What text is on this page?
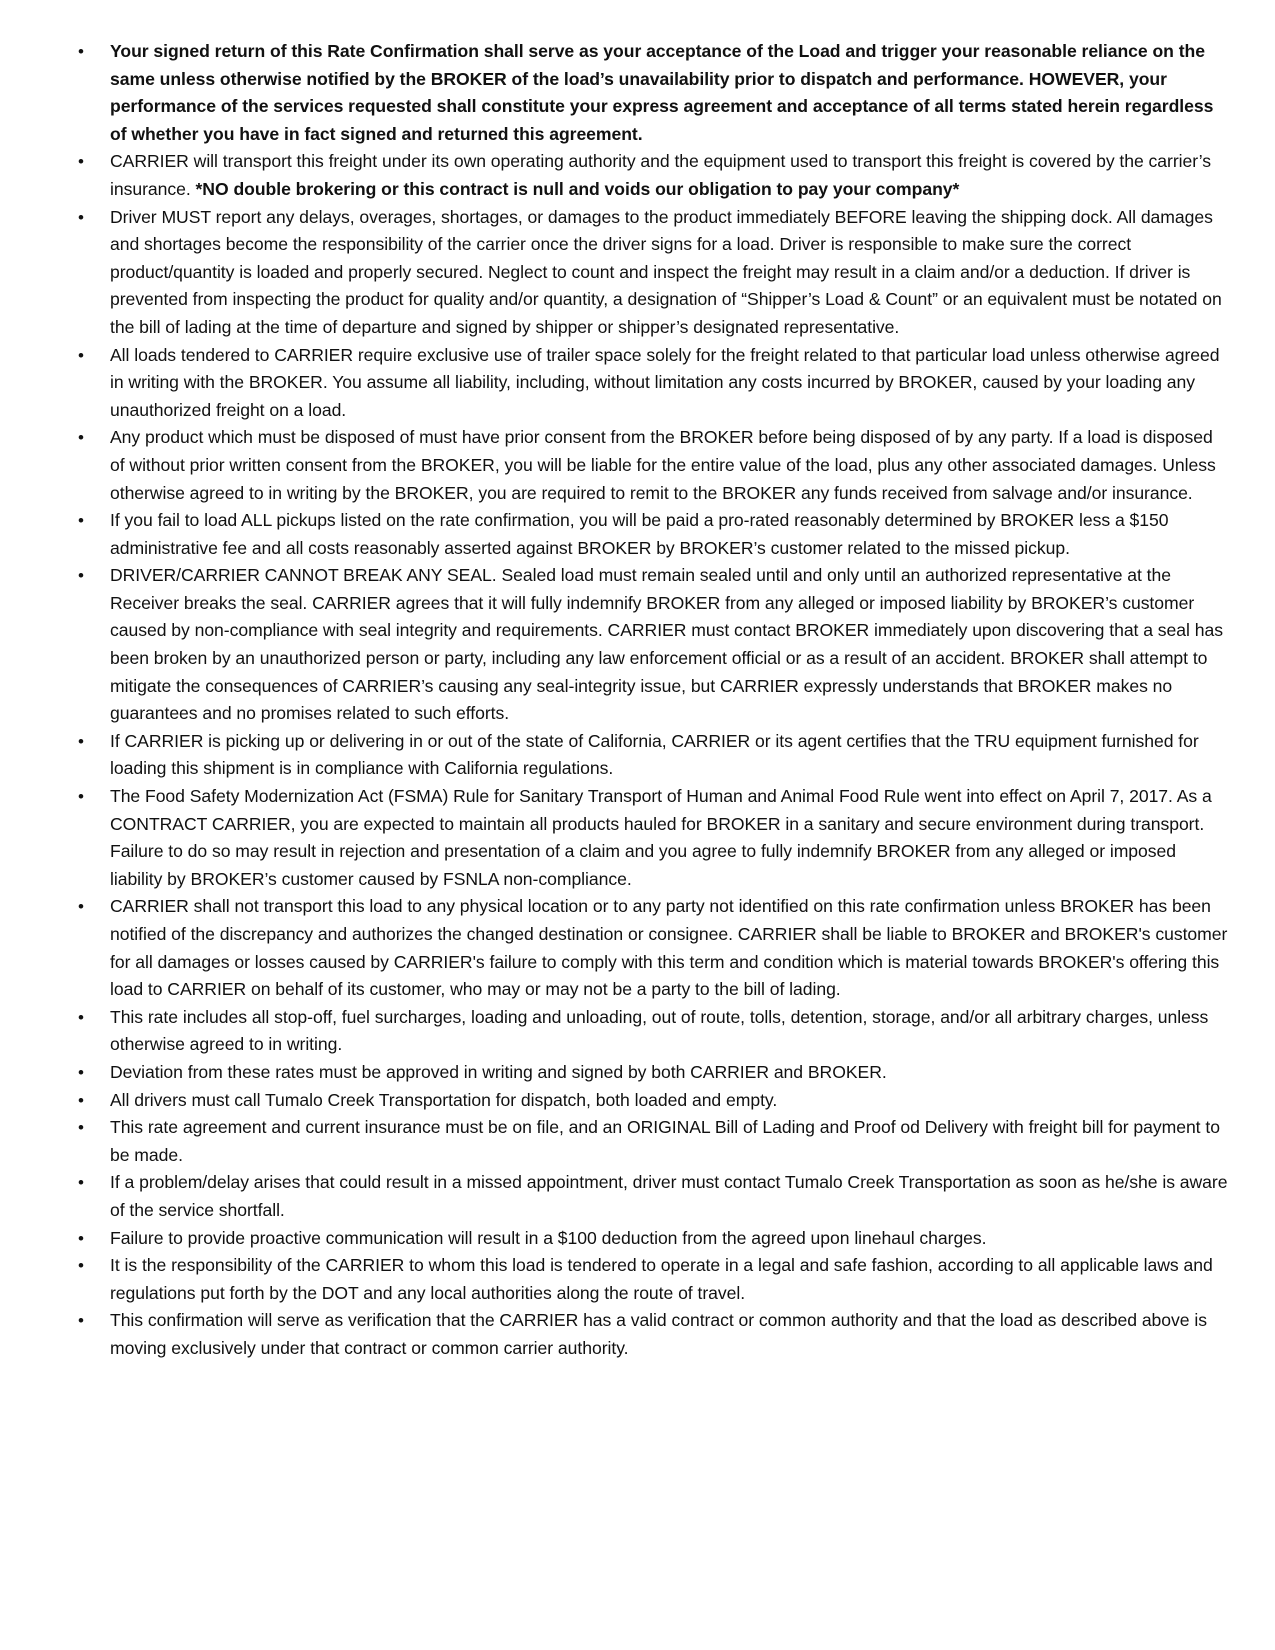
• Your signed return of this Rate Confirmation shall serve as your acceptance of the Load and trigger your reasonable reliance on the same unless otherwise notified by the BROKER of the load’s unavailability prior to dispatch and performance. HOWEVER, your performance of the services requested shall constitute your express agreement and acceptance of all terms stated herein regardless of whether you have in fact signed and returned this agreement.
• CARRIER will transport this freight under its own operating authority and the equipment used to transport this freight is covered by the carrier’s insurance. *NO double brokering or this contract is null and voids our obligation to pay your company*
• Driver MUST report any delays, overages, shortages, or damages to the product immediately BEFORE leaving the shipping dock. All damages and shortages become the responsibility of the carrier once the driver signs for a load. Driver is responsible to make sure the correct product/quantity is loaded and properly secured. Neglect to count and inspect the freight may result in a claim and/or a deduction. If driver is prevented from inspecting the product for quality and/or quantity, a designation of “Shipper’s Load & Count” or an equivalent must be notated on the bill of lading at the time of departure and signed by shipper or shipper’s designated representative.
• All loads tendered to CARRIER require exclusive use of trailer space solely for the freight related to that particular load unless otherwise agreed in writing with the BROKER. You assume all liability, including, without limitation any costs incurred by BROKER, caused by your loading any unauthorized freight on a load.
• Any product which must be disposed of must have prior consent from the BROKER before being disposed of by any party. If a load is disposed of without prior written consent from the BROKER, you will be liable for the entire value of the load, plus any other associated damages. Unless otherwise agreed to in writing by the BROKER, you are required to remit to the BROKER any funds received from salvage and/or insurance.
• If you fail to load ALL pickups listed on the rate confirmation, you will be paid a pro-rated reasonably determined by BROKER less a $150 administrative fee and all costs reasonably asserted against BROKER by BROKER’s customer related to the missed pickup.
• DRIVER/CARRIER CANNOT BREAK ANY SEAL. Sealed load must remain sealed until and only until an authorized representative at the Receiver breaks the seal. CARRIER agrees that it will fully indemnify BROKER from any alleged or imposed liability by BROKER’s customer caused by non-compliance with seal integrity and requirements. CARRIER must contact BROKER immediately upon discovering that a seal has been broken by an unauthorized person or party, including any law enforcement official or as a result of an accident. BROKER shall attempt to mitigate the consequences of CARRIER’s causing any seal-integrity issue, but CARRIER expressly understands that BROKER makes no guarantees and no promises related to such efforts.
• If CARRIER is picking up or delivering in or out of the state of California, CARRIER or its agent certifies that the TRU equipment furnished for loading this shipment is in compliance with California regulations.
• The Food Safety Modernization Act (FSMA) Rule for Sanitary Transport of Human and Animal Food Rule went into effect on April 7, 2017. As a CONTRACT CARRIER, you are expected to maintain all products hauled for BROKER in a sanitary and secure environment during transport. Failure to do so may result in rejection and presentation of a claim and you agree to fully indemnify BROKER from any alleged or imposed liability by BROKER’s customer caused by FSNLA non-compliance.
• CARRIER shall not transport this load to any physical location or to any party not identified on this rate confirmation unless BROKER has been notified of the discrepancy and authorizes the changed destination or consignee. CARRIER shall be liable to BROKER and BROKER's customer for all damages or losses caused by CARRIER's failure to comply with this term and condition which is material towards BROKER's offering this load to CARRIER on behalf of its customer, who may or may not be a party to the bill of lading.
• This rate includes all stop-off, fuel surcharges, loading and unloading, out of route, tolls, detention, storage, and/or all arbitrary charges, unless otherwise agreed to in writing.
• Deviation from these rates must be approved in writing and signed by both CARRIER and BROKER.
• All drivers must call Tumalo Creek Transportation for dispatch, both loaded and empty.
• This rate agreement and current insurance must be on file, and an ORIGINAL Bill of Lading and Proof od Delivery with freight bill for payment to be made.
• If a problem/delay arises that could result in a missed appointment, driver must contact Tumalo Creek Transportation as soon as he/she is aware of the service shortfall.
• Failure to provide proactive communication will result in a $100 deduction from the agreed upon linehaul charges.
• It is the responsibility of the CARRIER to whom this load is tendered to operate in a legal and safe fashion, according to all applicable laws and regulations put forth by the DOT and any local authorities along the route of travel.
• This confirmation will serve as verification that the CARRIER has a valid contract or common authority and that the load as described above is moving exclusively under that contract or common carrier authority.
